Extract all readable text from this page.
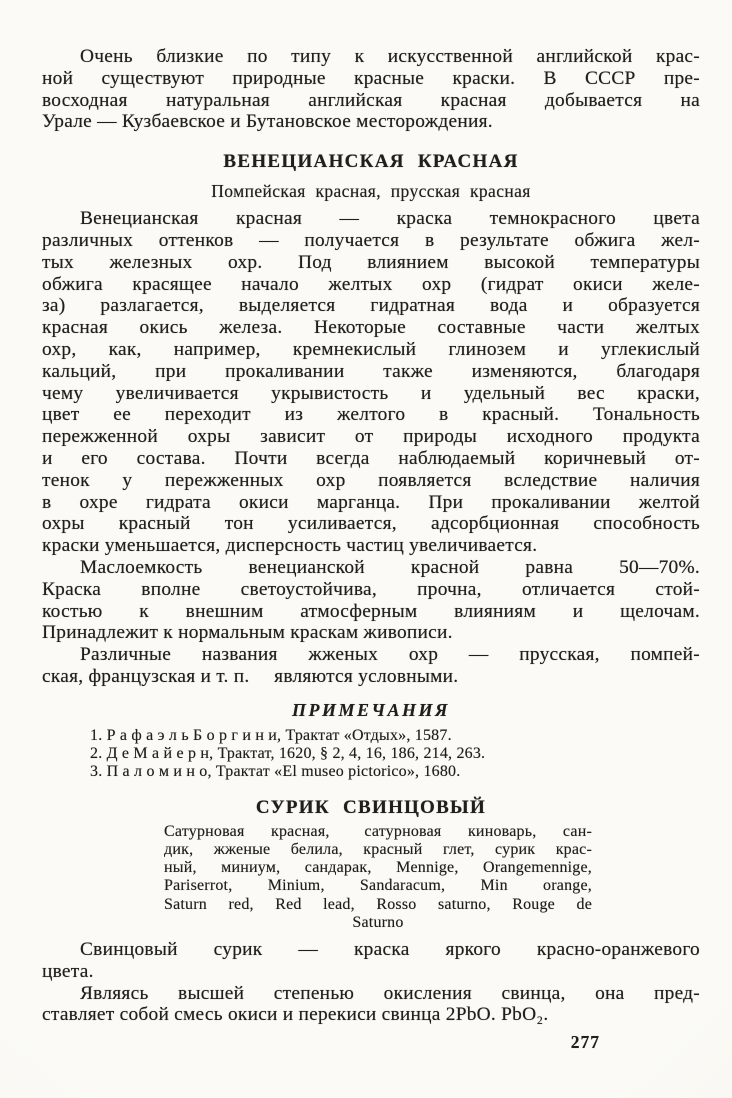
Очень близкие по типу к искусственной английской крас-
ной существуют природные красные краски. В СССР пре-
восходная натуральная английская красная добывается на
Урале — Кузбаевское и Бутановское месторождения.
ВЕНЕЦИАНСКАЯ КРАСНАЯ
Помпейская красная, прусская красная
Венецианская красная — краска темнокрасного цвета
различных оттенков — получается в результате обжига жел-
тых железных охр. Под влиянием высокой температуры
обжига красящее начало желтых охр (гидрат окиси желе-
за) разлагается, выделяется гидратная вода и образуется
красная окись железа. Некоторые составные части желтых
охр, как, например, кремнекислый глинозем и углекислый
кальций, при прокаливании также изменяются, благодаря
чему увеличивается укрывистость и удельный вес краски,
цвет ее переходит из желтого в красный. Тональность
пережженной охры зависит от природы исходного продукта
и его состава. Почти всегда наблюдаемый коричневый от-
тенок у пережженных охр появляется вследствие наличия
в охре гидрата окиси марганца. При прокаливании желтой
охры красный тон усиливается, адсорбционная способность
краски уменьшается, дисперсность частиц увеличивается.
Маслоемкость венецианской красной равна 50—70%.
Краска вполне светоустойчива, прочна, отличается стой-
костью к внешним атмосферным влияниям и щелочам.
Принадлежит к нормальным краскам живописи.
Различные названия жженых охр — прусская, помпей-
ская, французская и т. п.  являются условными.
ПРИМЕЧАНИЯ
1. Р а ф а э л ь Б о р г и н и, Трактат «Отдых», 1587.
2. Д е М а й е р н, Трактат, 1620, § 2, 4, 16, 186, 214, 263.
3. П а л о м и н о, Трактат «El museo pictorico», 1680.
СУРИК СВИНЦОВЫЙ
Сатурновая красная,  сатурновая киноварь, сан-
дик, жженые белила, красный глет, сурик крас-
ный, миниум, сандарак, Mennige, Orangemennige,
Pariserrot, Minium, Sandaracum, Min orange,
Saturn red, Red lead, Rosso saturno, Rouge de
Saturno
Свинцовый сурик — краска яркого красно-оранжевого
цвета.
Являясь высшей степенью окисления свинца, она пред-
ставляет собой смесь окиси и перекиси свинца 2PbO. PbO₂.
277
